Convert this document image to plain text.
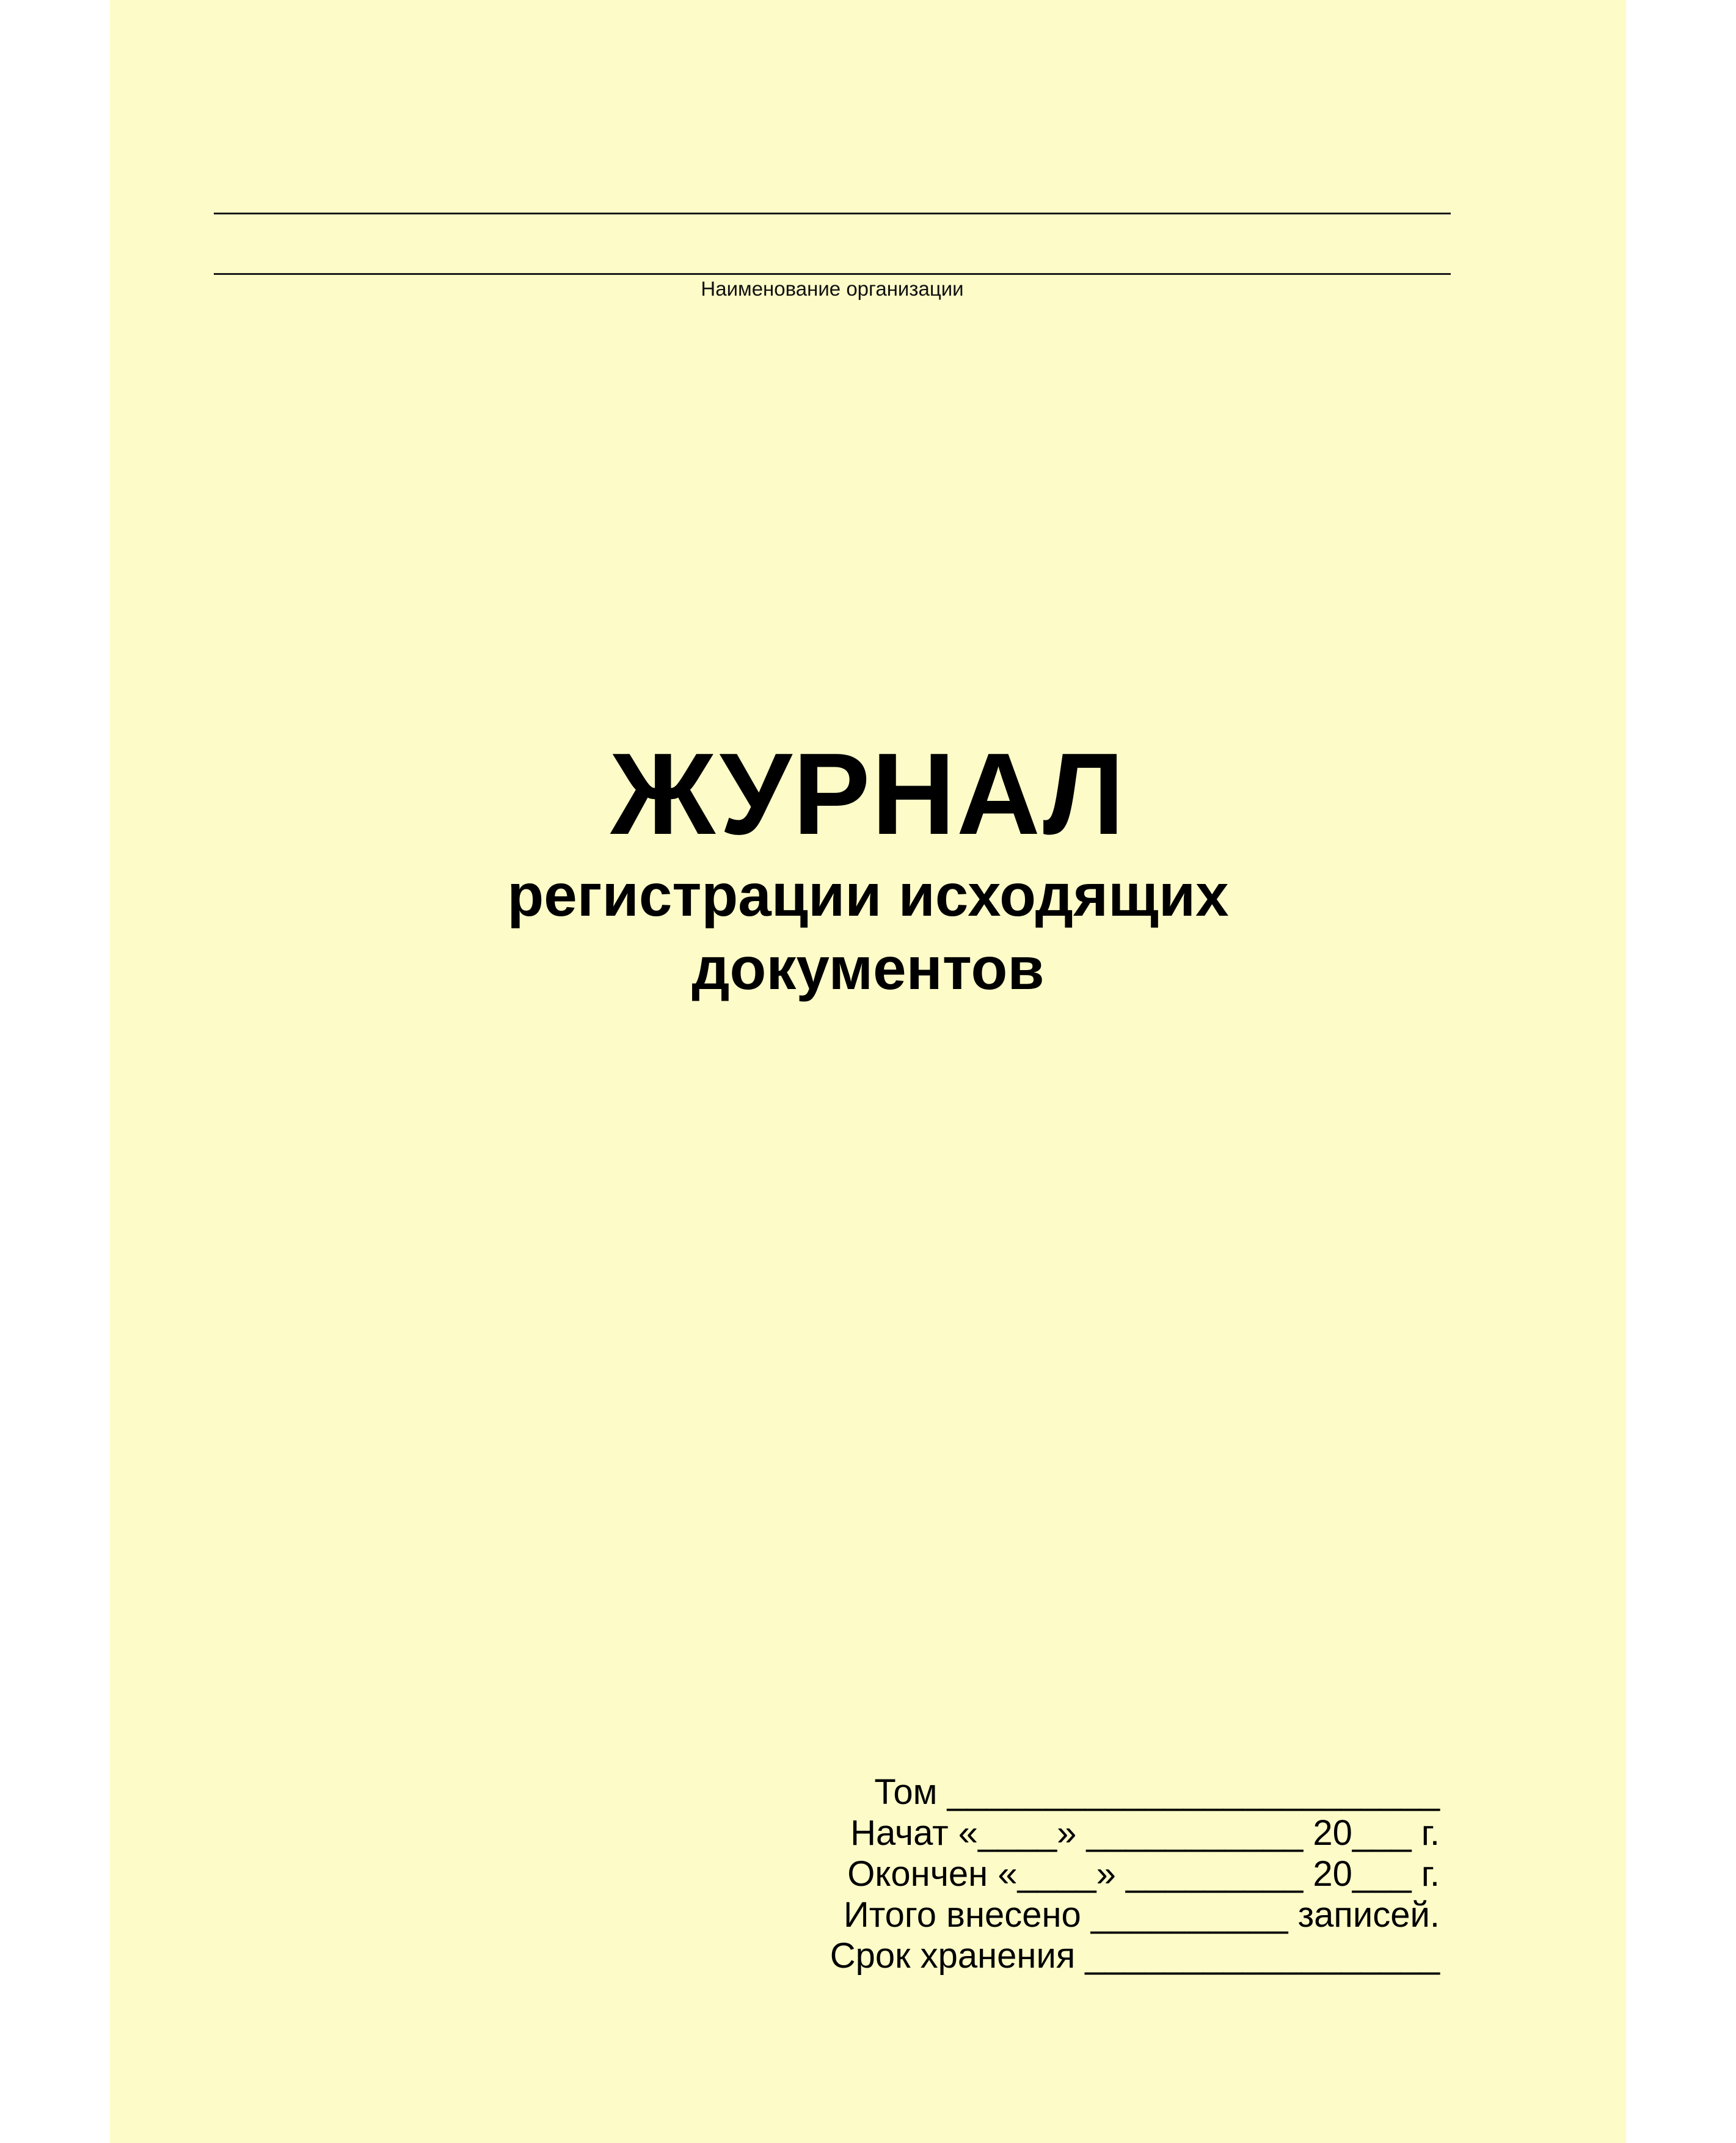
Наименование организации
ЖУРНАЛ
регистрации исходящих
документов
Том _________________________
Начат «____» ___________ 20___ г.
Окончен «____» _________ 20___ г.
Итого внесено __________ записей.
Срок хранения __________________
